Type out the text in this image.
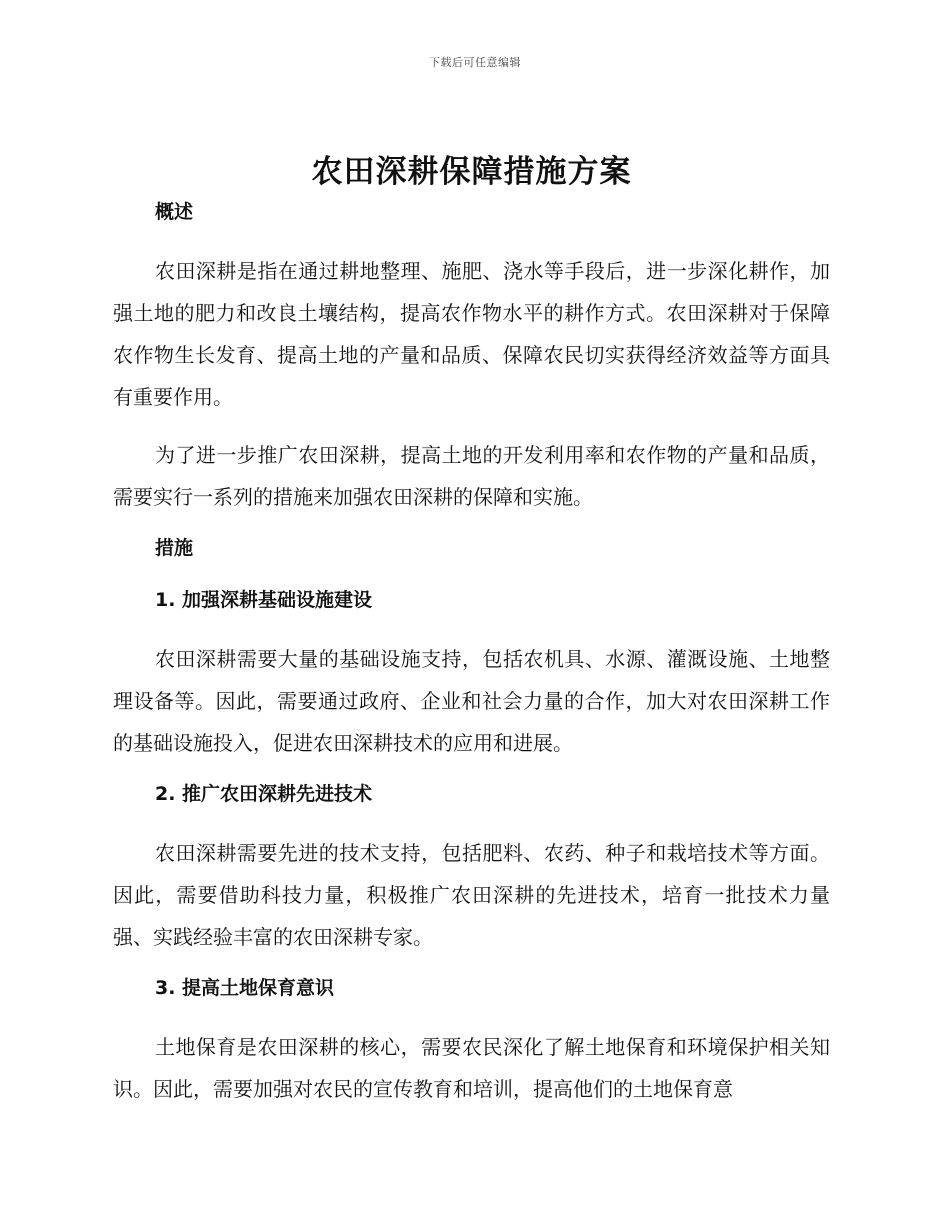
下载后可任意编辑
农田深耕保障措施方案
概述

农田深耕是指在通过耕地整理、施肥、浇水等手段后，进一步深化耕作，加强土地的肥力和改良土壤结构，提高农作物水平的耕作方式。农田深耕对于保障农作物生长发育、提高土地的产量和品质、保障农民切实获得经济效益等方面具有重要作用。

为了进一步推广农田深耕，提高土地的开发利用率和农作物的产量和品质，需要实行一系列的措施来加强农田深耕的保障和实施。

措施
1. 加强深耕基础设施建设

农田深耕需要大量的基础设施支持，包括农机具、水源、灌溉设施、土地整理设备等。因此，需要通过政府、企业和社会力量的合作，加大对农田深耕工作的基础设施投入，促进农田深耕技术的应用和进展。

2. 推广农田深耕先进技术

农田深耕需要先进的技术支持，包括肥料、农药、种子和栽培技术等方面。因此，需要借助科技力量，积极推广农田深耕的先进技术，培育一批技术力量强、实践经验丰富的农田深耕专家。

3. 提高土地保育意识

土地保育是农田深耕的核心，需要农民深化了解土地保育和环境保护相关知识。因此，需要加强对农民的宣传教育和培训，提高他们的土地保育意
